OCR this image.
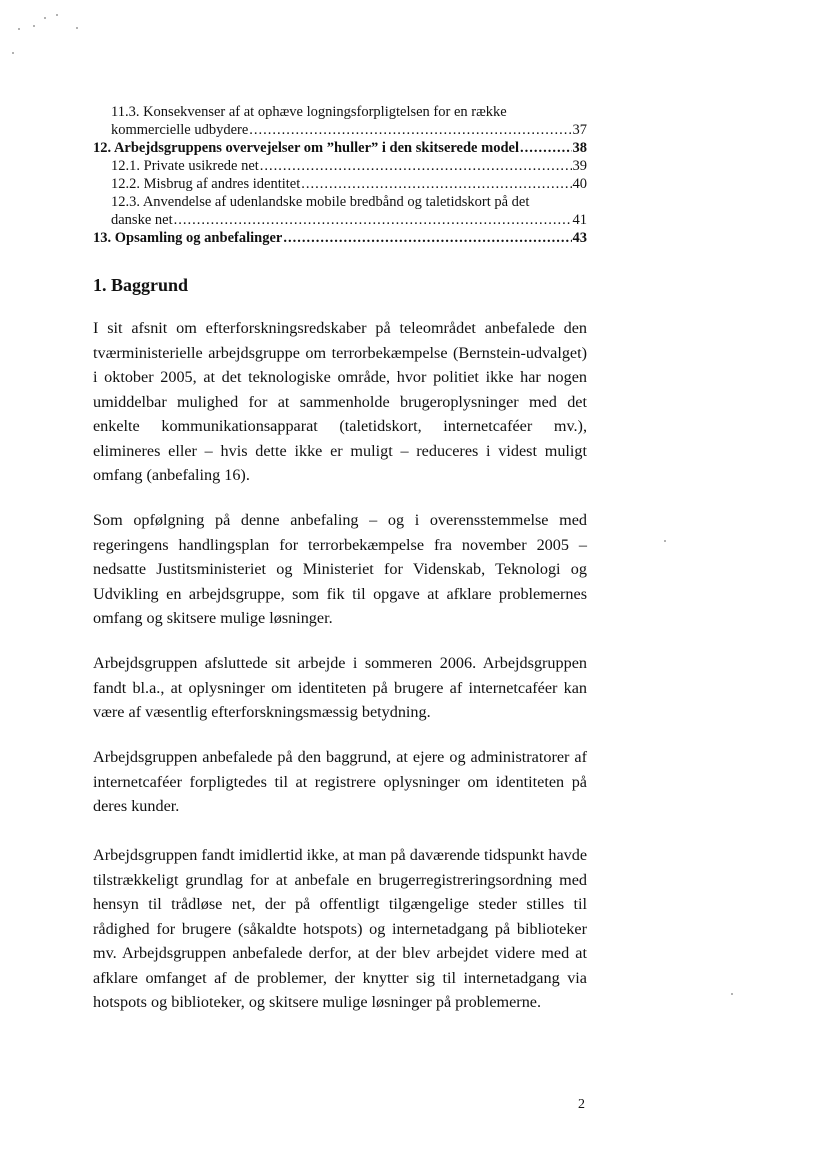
11.3. Konsekvenser af at ophæve logningsforpligtelsen for en række
kommercielle udbydere .....	37
12. Arbejdsgruppens overvejelser om ”huller” i den skitserede model .....	38
12.1. Private usikrede net .....	39
12.2. Misbrug af andres identitet .....	40
12.3. Anvendelse af udenlandske mobile bredbånd og taletidskort på det
danske net .....	41
13. Opsamling og anbefalinger .....	43
1. Baggrund

I sit afsnit om efterforskningsredskaber på teleområdet anbefalede den tværministerielle arbejdsgruppe om terrorbekæmpelse (Bernstein-udvalget) i oktober 2005, at det teknologiske område, hvor politiet ikke har nogen umiddelbar mulighed for at sammenholde brugeroplysninger med det enkelte kommunikationsapparat (taletidskort, internetcaféer mv.), elimineres eller – hvis dette ikke er muligt – reduceres i videst muligt omfang (anbefaling 16).

Som opfølgning på denne anbefaling – og i overensstemmelse med regeringens handlingsplan for terrorbekæmpelse fra november 2005 – nedsatte Justitsministeriet og Ministeriet for Videnskab, Teknologi og Udvikling en arbejdsgruppe, som fik til opgave at afklare problemernes omfang og skitsere mulige løsninger.

Arbejdsgruppen afsluttede sit arbejde i sommeren 2006. Arbejdsgruppen fandt bl.a., at oplysninger om identiteten på brugere af internetcaféer kan være af væsentlig efterforskningsmæssig betydning.

Arbejdsgruppen anbefalede på den baggrund, at ejere og administratorer af internetcaféer forpligtedes til at registrere oplysninger om identiteten på deres kunder.

Arbejdsgruppen fandt imidlertid ikke, at man på daværende tidspunkt havde tilstrækkeligt grundlag for at anbefale en brugerregistreringsordning med hensyn til trådløse net, der på offentligt tilgængelige steder stilles til rådighed for brugere (såkaldte hotspots) og internetadgang på biblioteker mv. Arbejdsgruppen anbefalede derfor, at der blev arbejdet videre med at afklare omfanget af de problemer, der knytter sig til internetadgang via hotspots og biblioteker, og skitsere mulige løsninger på problemerne.

2
